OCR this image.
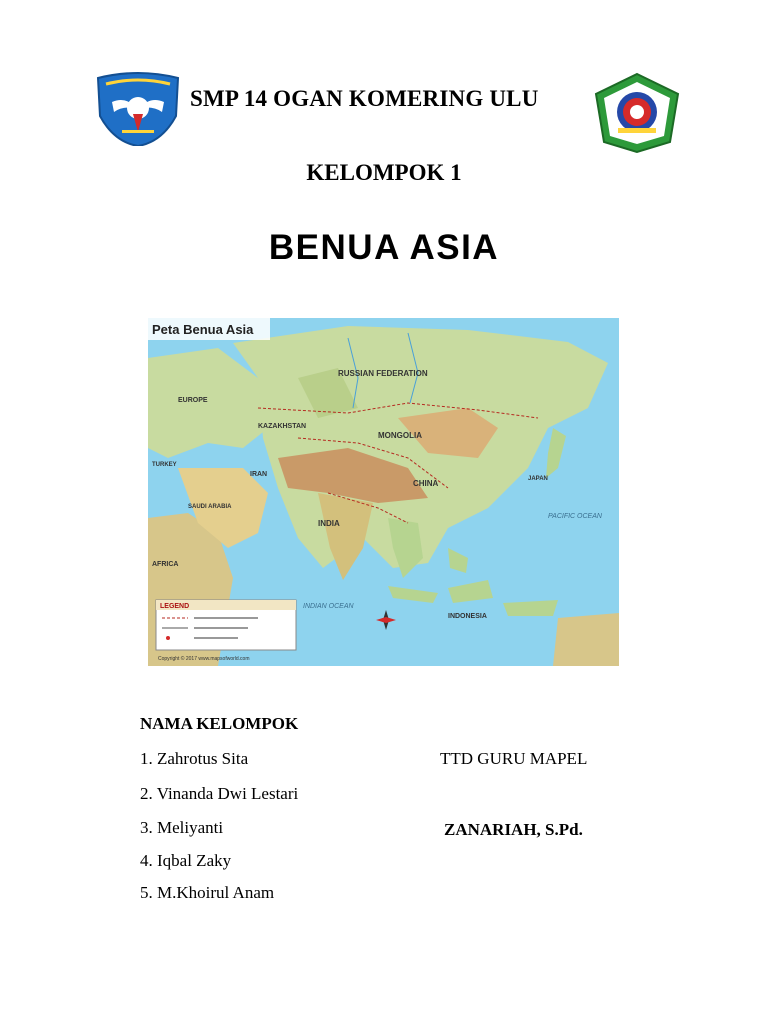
SMP 14 OGAN KOMERING ULU
KELOMPOK 1
BENUA ASIA
LEGEND
Peta Benua Asia
RUSSIAN FEDERATION
MONGOLIA
CHINA
INDIA
KAZAKHSTAN
EUROPE
AFRICA
SAUDI ARABIA
IRAN
TURKEY
JAPAN
INDONESIA
PACIFIC OCEAN
INDIAN OCEAN
Copyright © 2017 www.mapsofworld.com
NAMA KELOMPOK
1. Zahrotus Sita
2. Vinanda Dwi Lestari
3. Meliyanti
4. Iqbal Zaky
5. M.Khoirul Anam
TTD GURU MAPEL
ZANARIAH, S.Pd.
